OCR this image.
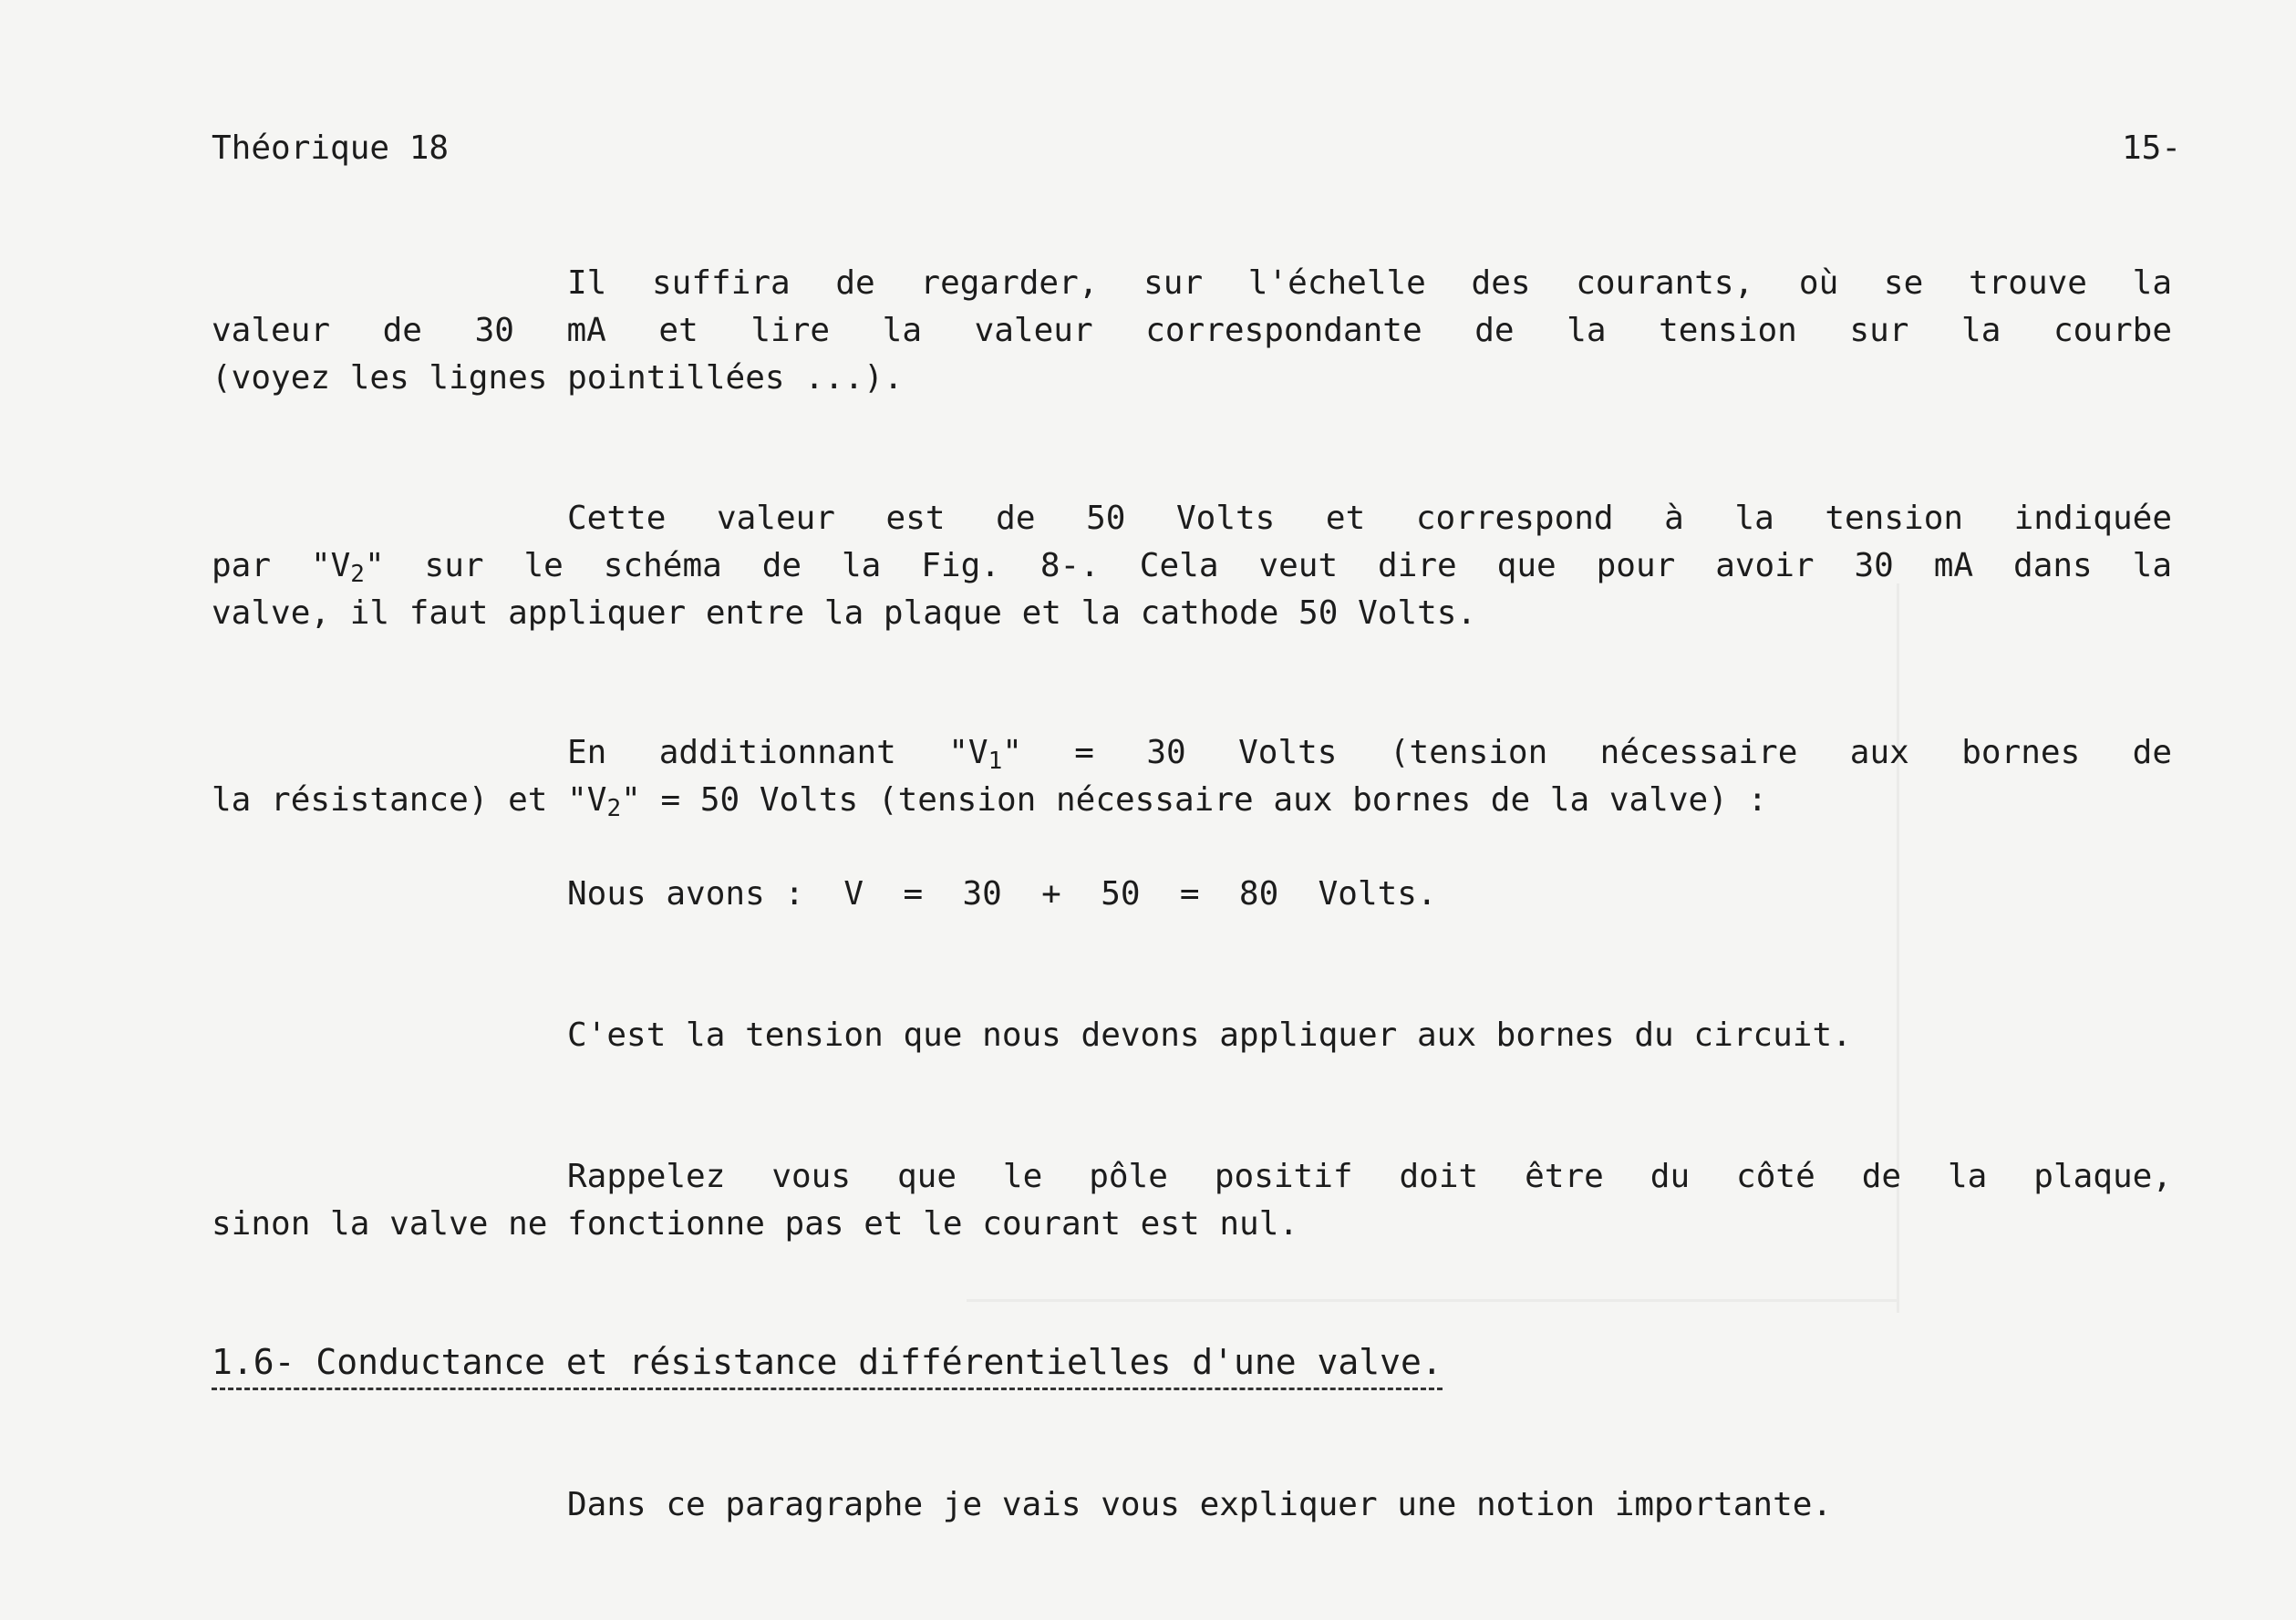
Théorique 18	15-
Il suffira de regarder, sur l'échelle des courants, où se trouve la
valeur de 30 mA et lire la valeur correspondante de la tension sur la courbe
(voyez les lignes pointillées ...).
Cette valeur est de 50 Volts et correspond à la tension indiquée
par "$V_2$" sur le schéma de la Fig. 8-. Cela veut dire que pour avoir 30 mA dans la
valve, il faut appliquer entre la plaque et la cathode 50 Volts.
En additionnant "$V_1$" = 30 Volts (tension nécessaire aux bornes de
la résistance) et "$V_2$" = 50 Volts (tension nécessaire aux bornes de la valve) :
Nous avons :  V  =  30  +  50  =  80  Volts.
C'est la tension que nous devons appliquer aux bornes du circuit.
Rappelez vous que le pôle positif doit être du côté de la plaque,
sinon la valve ne fonctionne pas et le courant est nul.
1.6- Conductance et résistance différentielles d'une valve.
Dans ce paragraphe je vais vous expliquer une notion importante.
